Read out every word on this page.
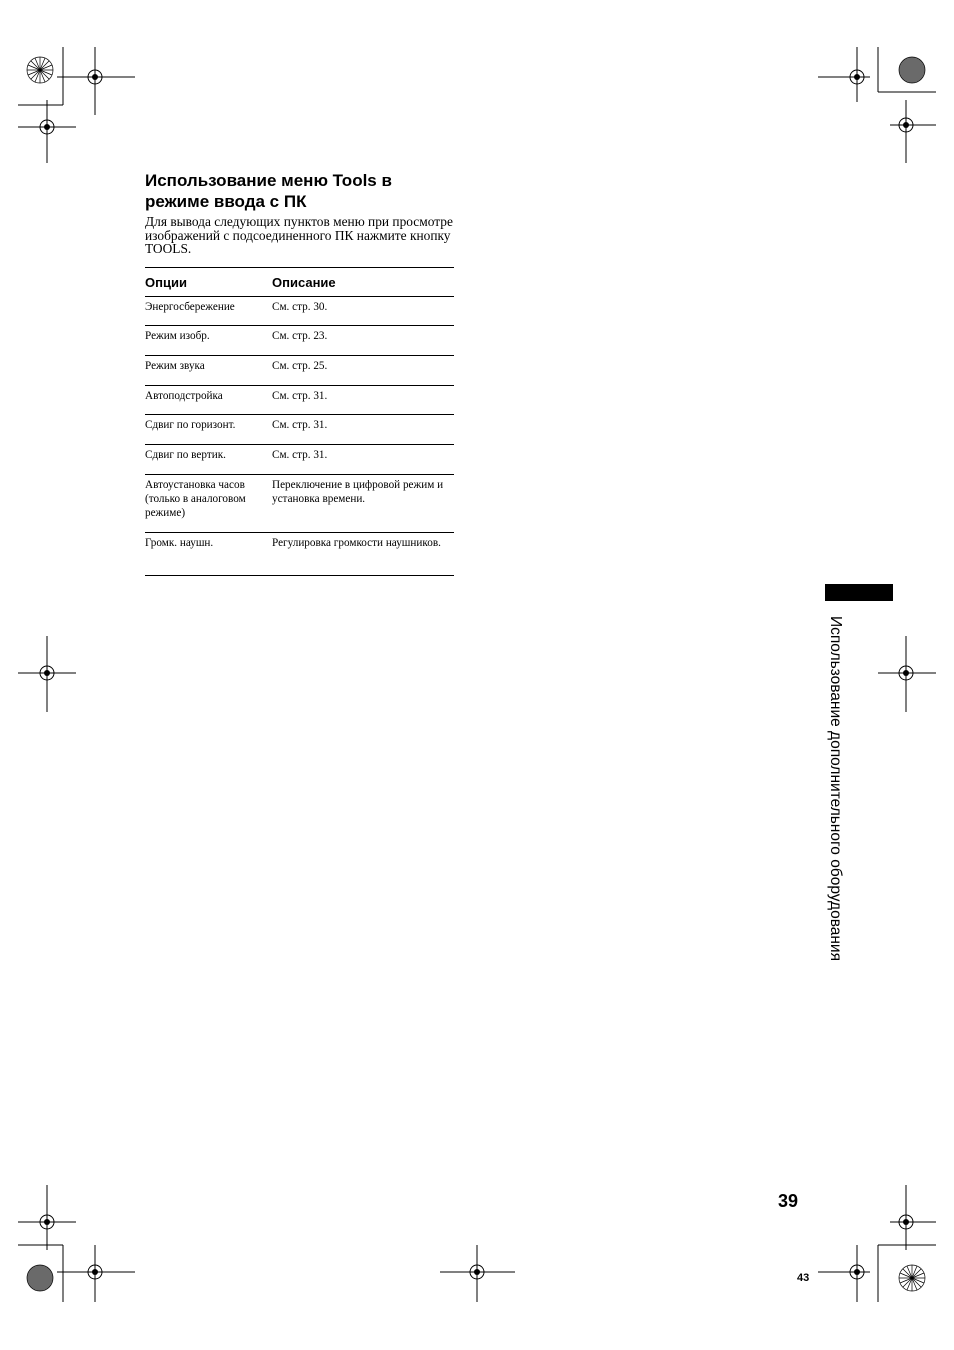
Использование меню Tools в
режиме ввода с ПК

Для вывода следующих пунктов меню при просмотре изображений с подсоединенного ПК нажмите кнопку TOOLS.

Опции	Описание
Энергосбережение	См. стр. 30.
Режим изобр.	См. стр. 23.
Режим звука	См. стр. 25.
Автоподстройка	См. стр. 31.
Сдвиг по горизонт.	См. стр. 31.
Сдвиг по вертик.	См. стр. 31.
Автоустановка часов (только в аналоговом режиме)	Переключение в цифровой режим и установка времени.
Громк. наушн.	Регулировка громкости наушников.

Использование дополнительного оборудования

39
43
